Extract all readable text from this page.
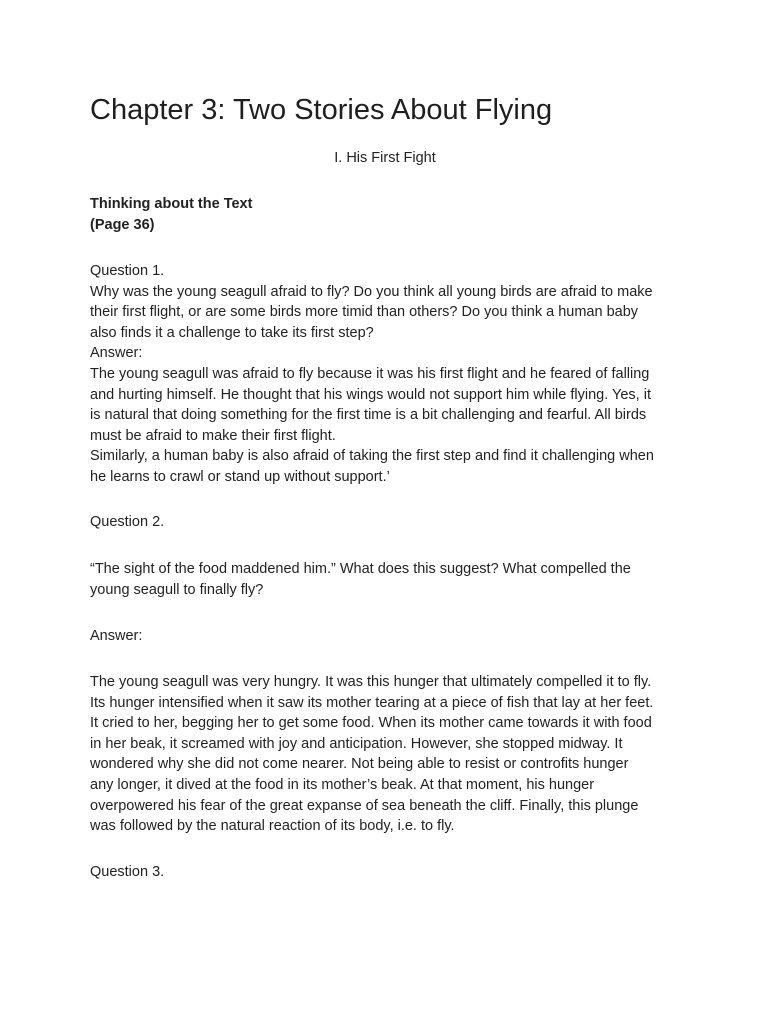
Chapter 3: Two Stories About Flying

I. His First Fight

Thinking about the Text
(Page 36)
Question 1.
Why was the young seagull afraid to fly? Do you think all young birds are afraid to make
their first flight, or are some birds more timid than others? Do you think a human baby
also finds it a challenge to take its first step?
Answer:
The young seagull was afraid to fly because it was his first flight and he feared of falling
and hurting himself. He thought that his wings would not support him while flying. Yes, it
is natural that doing something for the first time is a bit challenging and fearful. All birds
must be afraid to make their first flight.
Similarly, a human baby is also afraid of taking the first step and find it challenging when
he learns to crawl or stand up without support.’
Question 2.
“The sight of the food maddened him.” What does this suggest? What compelled the
young seagull to finally fly?
Answer:
The young seagull was very hungry. It was this hunger that ultimately compelled it to fly.
Its hunger intensified when it saw its mother tearing at a piece of fish that lay at her feet.
It cried to her, begging her to get some food. When its mother came towards it with food
in her beak, it screamed with joy and anticipation. However, she stopped midway. It
wondered why she did not come nearer. Not being able to resist or controfits hunger
any longer, it dived at the food in its mother’s beak. At that moment, his hunger
overpowered his fear of the great expanse of sea beneath the cliff. Finally, this plunge
was followed by the natural reaction of its body, i.e. to fly.
Question 3.
